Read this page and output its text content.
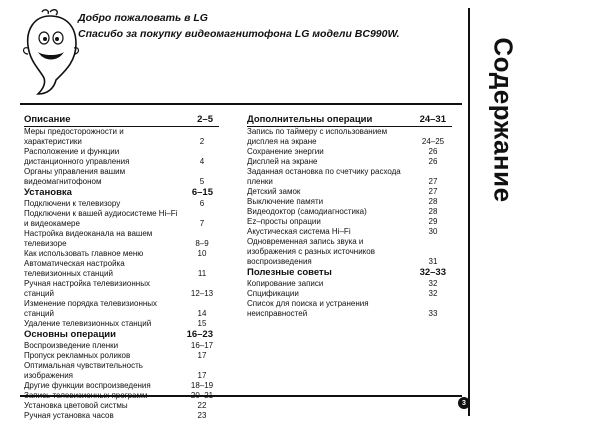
Добро пожаловать в LG
Спасибо за покупку видеомагнитофона LG модели BC990W.
Содержание
3
Описание	2–5
Меры предосторожности и характеристики	2
Расположение и функции дистанционного управления	4
Органы управления вашим видеомагнитофоном	5
Установка	6–15
Подключени к телевизору	6
Подключени к вашей аудиосистеме Hi–Fi и видеокамере	7
Настройка видеоканала на вашем телевизоре	8–9
Как использовать главное меню	10
Автоматическая настройка телевизионных станций	11
Ручная настройка телевизионных станций	12–13
Изменение порядка телевизионных станций	14
Удаление телевизионных станций	15
Основны операции	16–23
Воспроизведение пленки	16–17
Пропуск рекламных роликов	17
Оптимальная чувствительность изображения	17
Другие функции воспроизведения	18–19
Запись телевизионных программ	20–21
Установка цветовой систмы	22
Ручная установка часов	23
Дополнительны операции	24–31
Запись по таймеру с использованием дисплея на экране	24–25
Сохранение энергии	26
Дисплей на экране	26
Заданная остановка по счетчику расхода пленки	27
Детский замок	27
Выключение памяти	28
Видеодоктор (самодиагностика)	28
Ez–просты опрации	29
Акустическая система Hi–Fi	30
Одновременная запись звука и изображения с разных источников воспроизведения	31
Полезные советы	32–33
Копирование записи	32
Спцификации	32
Список для поиска и устранения неисправностей	33
